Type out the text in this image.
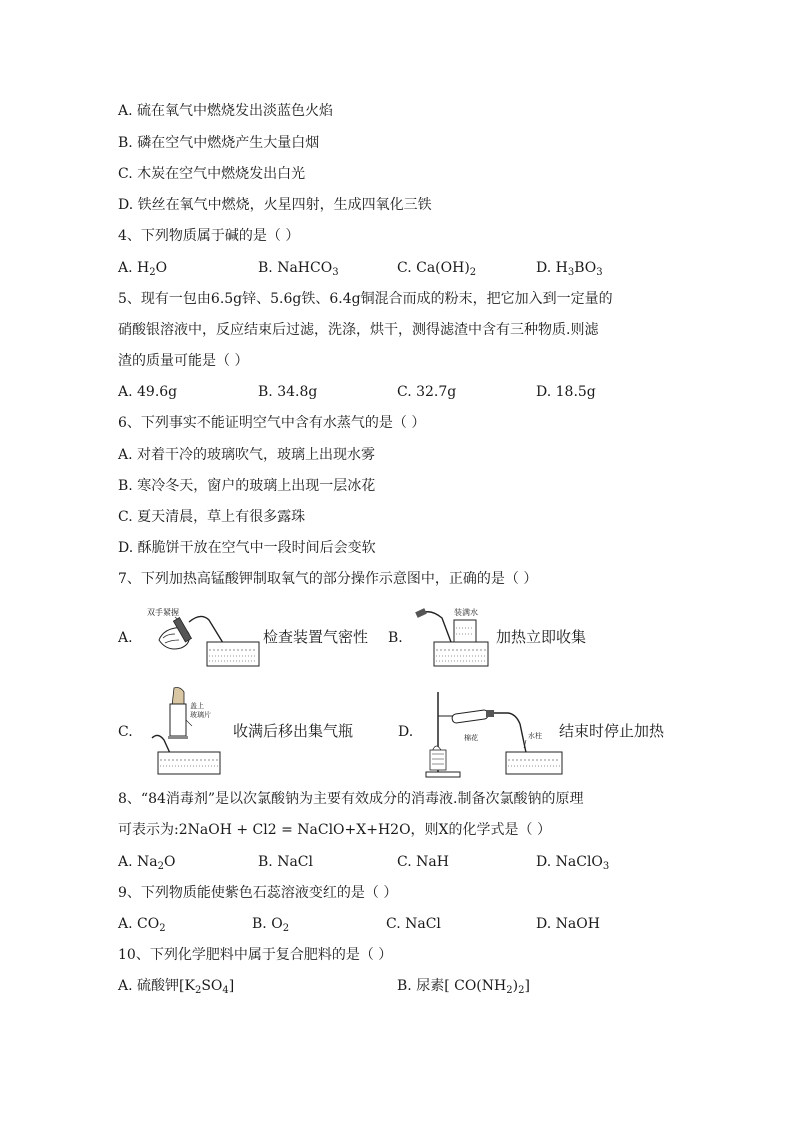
A. 硫在氧气中燃烧发出淡蓝色火焰
B. 磷在空气中燃烧产生大量白烟
C. 木炭在空气中燃烧发出白光
D. 铁丝在氧气中燃烧，火星四射，生成四氧化三铁
4、下列物质属于碱的是（ ）
A. $H_2O$	B. NaHCO$_3$	C. $Ca(OH)_2$	D. $H_3BO_3$
5、现有一包由6.5g锌、5.6g铁、6.4g铜混合而成的粉末，把它加入到一定量的
硝酸银溶液中，反应结束后过滤，洗涤，烘干，测得滤渣中含有三种物质.则滤
渣的质量可能是（ ）
A. 49.6g	B. 34.8g	C. 32.7g	D. 18.5g
6、下列事实不能证明空气中含有水蒸气的是（ ）
A. 对着干冷的玻璃吹气，玻璃上出现水雾
B. 寒冷冬天，窗户的玻璃上出现一层冰花
C. 夏天清晨，草上有很多露珠
D. 酥脆饼干放在空气中一段时间后会变软
7、下列加热高锰酸钾制取氧气的部分操作示意图中，正确的是（ ）
A.
双手紧握
检查装置气密性 B.
装满水
加热立即收集
C.
盖上
玻璃片
收满后移出集气瓶	D.	棉花	水柱 结束时停止加热
8、“84消毒剂”是以次氯酸钠为主要有效成分的消毒液.制备次氯酸钠的原理
可表示为:2NaOH + Cl2 = NaClO+X+H2O，则X的化学式是（ ）
A. $Na_2O$	B. NaCl	C. NaH	D. NaClO$_3$
9、下列物质能使紫色石蕊溶液变红的是（ ）
A. $CO_2$	B. $O_2$	C. NaCl	D. NaOH
10、下列化学肥料中属于复合肥料的是（ ）
A. 硫酸钾$[K_2SO_4]$	B. 尿素[ $CO(NH_2)_2$]
